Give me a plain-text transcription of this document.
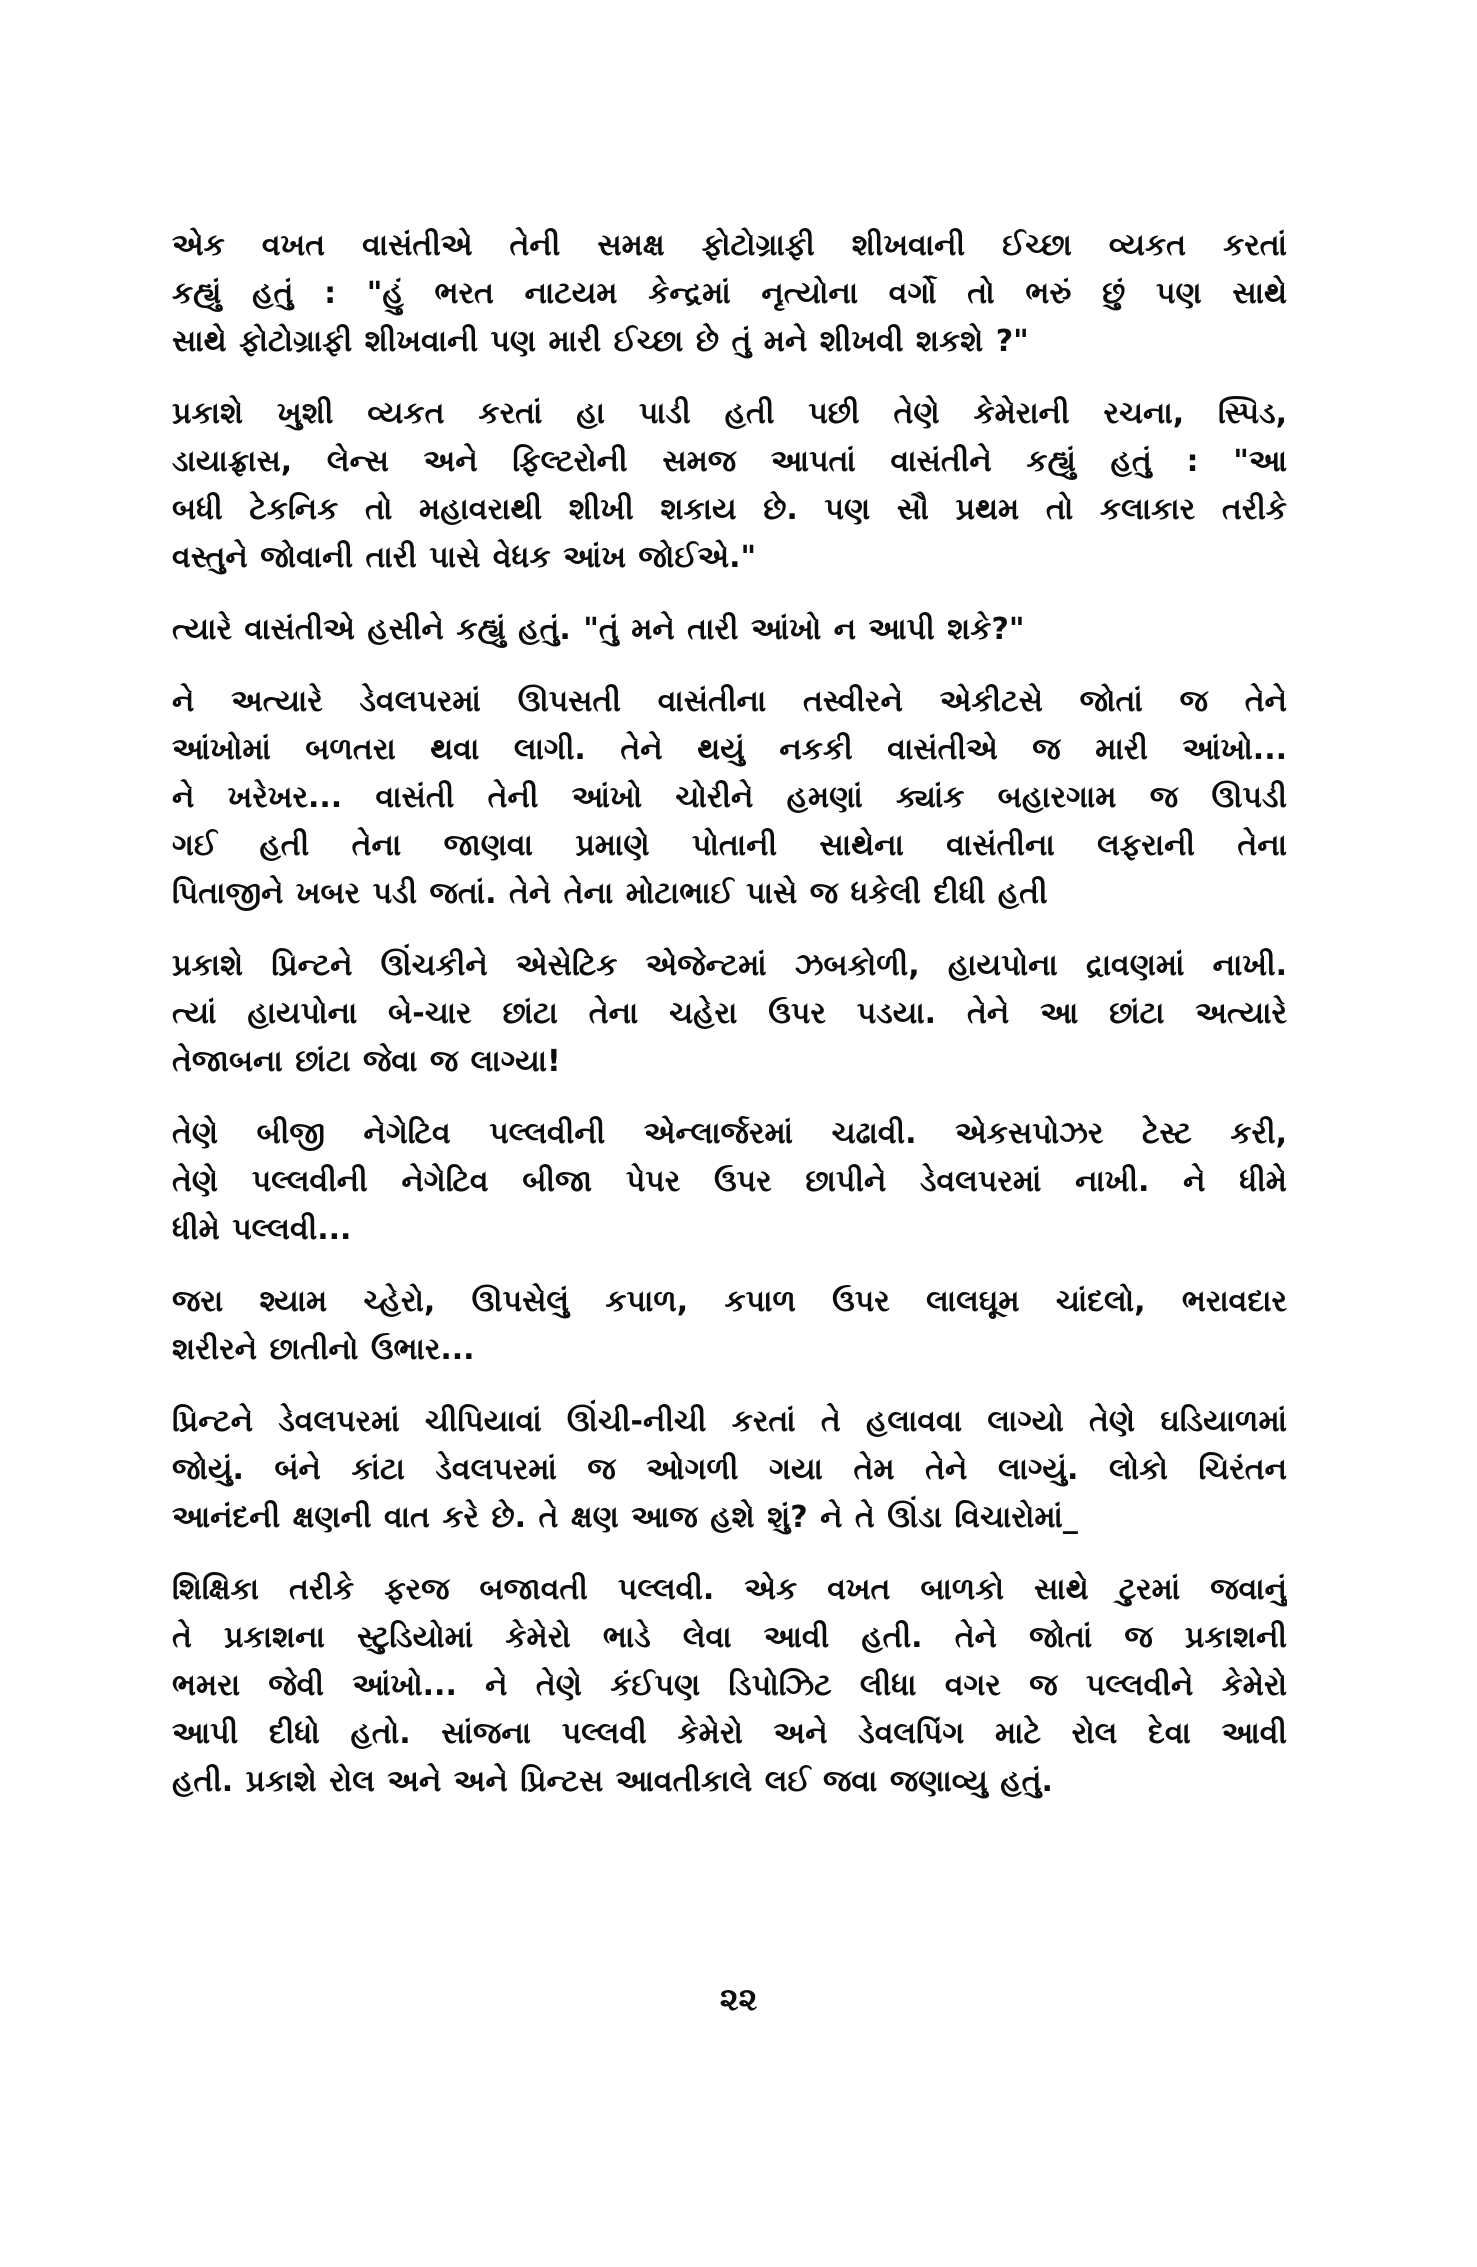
એક વખત વાસંતીએ તેની સમક્ષ ફોટોગ્રાફી શીખવાની ઈચ્છા વ્યકત કરતાં
કહ્યું હતું : "હું ભરત નાટયમ કેન્દ્રમાં નૃત્યોના વર્ગો તો ભરું છું પણ સાથે
સાથે ફોટોગ્રાફી શીખવાની પણ મારી ઈચ્છા છે તું મને શીખવી શકશે ?"
પ્રકાશે ખુશી વ્યકત કરતાં હા પાડી હતી પછી તેણે કેમેરાની રચના, સ્પિડ,
ડાયાફ્રાસ, લેન્સ અને ફિલ્ટરોની સમજ આપતાં વાસંતીને કહ્યું હતું : "આ
બધી ટેકનિક તો મહાવરાથી શીખી શકાય છે. પણ સૌ પ્રથમ તો કલાકાર તરીકે
વસ્તુને જોવાની તારી પાસે વેધક આંખ જોઈએ."
ત્યારે વાસંતીએ હસીને કહ્યું હતું. "તું મને તારી આંખો ન આપી શકે?"
ને અત્યારે ડેવલપરમાં ઊપસતી વાસંતીના તસ્વીરને એકીટસે જોતાં જ તેને
આંખોમાં બળતરા થવા લાગી. તેને થયું નકકી વાસંતીએ જ મારી આંખો...
ને ખરેખર... વાસંતી તેની આંખો ચોરીને હમણાં ક્યાંક બહારગામ જ ઊપડી
ગઈ હતી તેના જાણવા પ્રમાણે પોતાની સાથેના વાસંતીના લફરાની તેના
પિતાજીને ખબર પડી જતાં. તેને તેના મોટાભાઈ પાસે જ ધકેલી દીધી હતી
પ્રકાશે પ્રિન્ટને ઊંચકીને એસેટિક એજેન્ટમાં ઝબકોળી, હાયપોના દ્રાવણમાં નાખી.
ત્યાં હાયપોના બે-ચાર છાંટા તેના ચહેરા ઉપર પડયા. તેને આ છાંટા અત્યારે
તેજાબના છાંટા જેવા જ લાગ્યા!
તેણે બીજી નેગેટિવ પલ્લવીની એન્લાર્જરમાં ચઢાવી. એકસપોઝર ટેસ્ટ કરી,
તેણે પલ્લવીની નેગેટિવ બીજા પેપર ઉપર છાપીને ડેવલપરમાં નાખી. ને ધીમે
ધીમે પલ્લવી...
જરા શ્યામ ચ્હેરો, ઊપસેલું કપાળ, કપાળ ઉપર લાલઘૂમ ચાંદલો, ભરાવદાર
શરીરને છાતીનો ઉભાર...
પ્રિન્ટને ડેવલપરમાં ચીપિયાવાં ઊંચી-નીચી કરતાં તે હલાવવા લાગ્યો તેણે ઘડિયાળમાં
જોયું. બંને કાંટા ડેવલપરમાં જ ઓગળી ગયા તેમ તેને લાગ્યું. લોકો ચિરંતન
આનંદની ક્ષણની વાત કરે છે. તે ક્ષણ આજ હશે શું? ને તે ઊંડા વિચારોમાં_
શિક્ષિકા તરીકે ફરજ બજાવતી પલ્લવી. એક વખત બાળકો સાથે ટુરમાં જવાનું
તે પ્રકાશના સ્ટુડિયોમાં કેમેરો ભાડે લેવા આવી હતી. તેને જોતાં જ પ્રકાશની
ભમરા જેવી આંખો... ને તેણે કંઈપણ ડિપોઝિટ લીધા વગર જ પલ્લવીને કેમેરો
આપી દીધો હતો. સાંજના પલ્લવી કેમેરો અને ડેવલપિંગ માટે રોલ દેવા આવી
હતી. પ્રકાશે રોલ અને અને પ્રિન્ટસ આવતીકાલે લઈ જવા જણાવ્યુ હતું.
૨૨
